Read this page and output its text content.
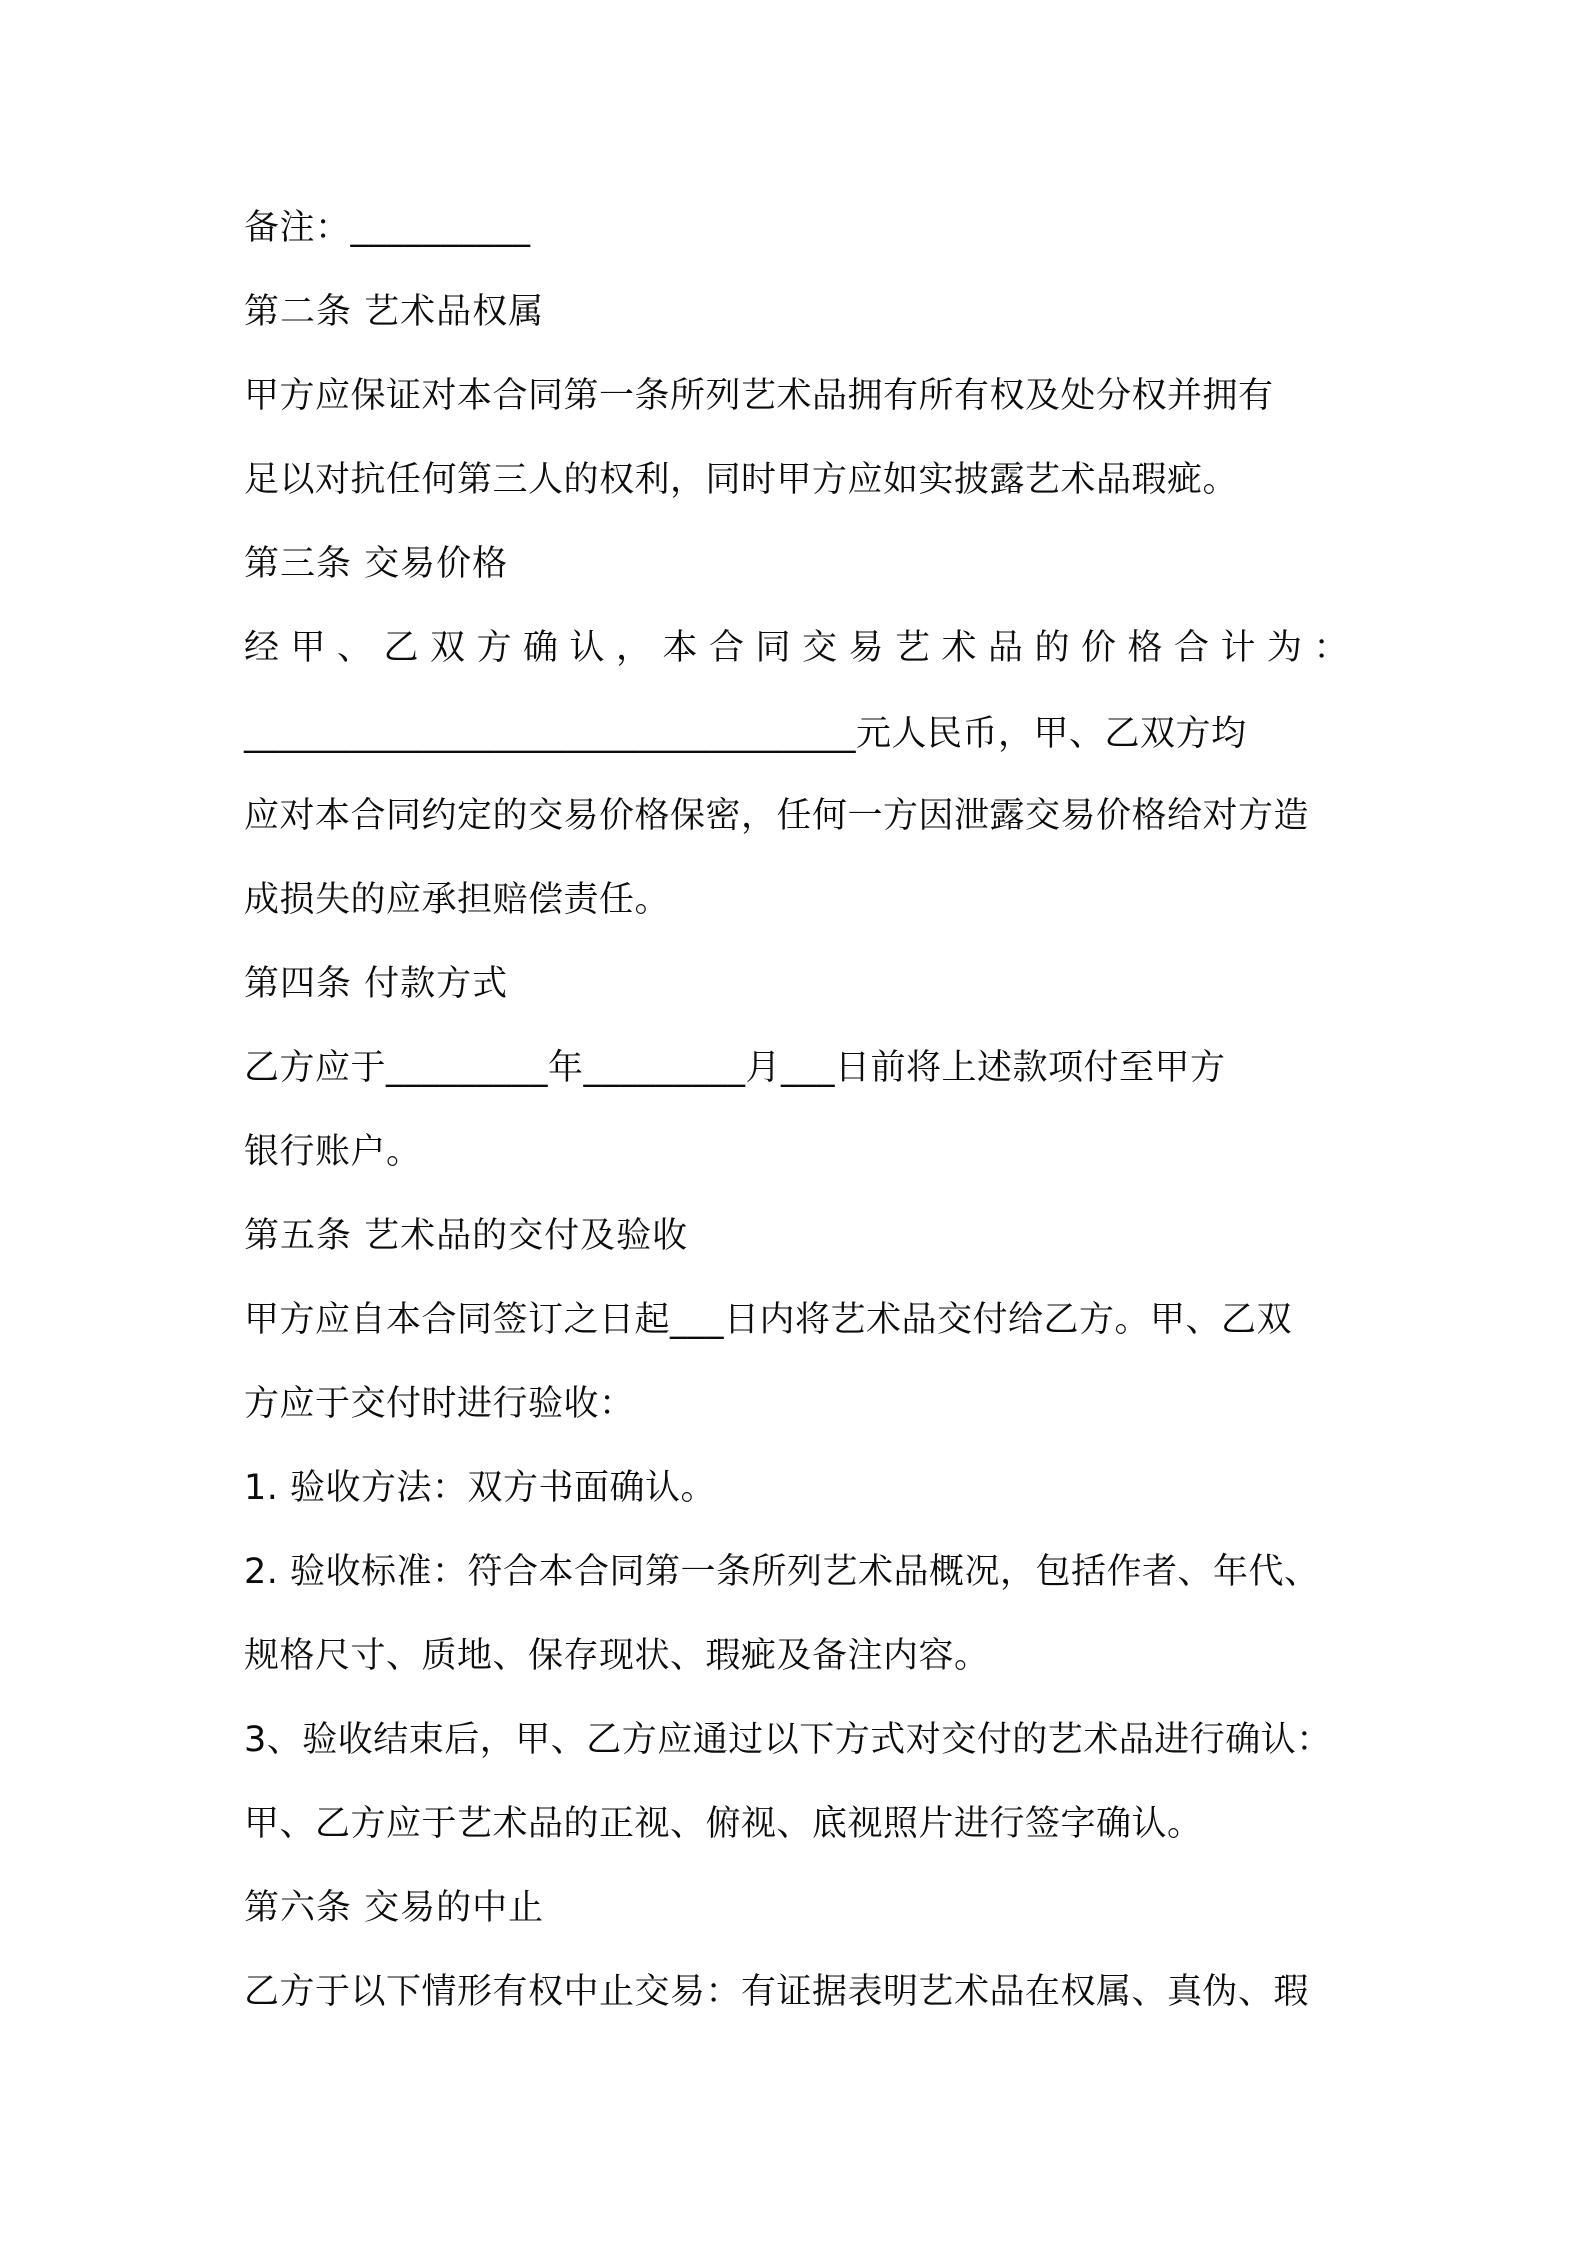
备注：__________

第二条 艺术品权属

甲方应保证对本合同第一条所列艺术品拥有所有权及处分权并拥有

足以对抗任何第三人的权利，同时甲方应如实披露艺术品瑕疵。

第三条 交易价格

经甲、乙双方确认，本合同交易艺术品的价格合计为：

__________________________________元人民币，甲、乙双方均

应对本合同约定的交易价格保密，任何一方因泄露交易价格给对方造

成损失的应承担赔偿责任。

第四条 付款方式

乙方应于_________年_________月___日前将上述款项付至甲方

银行账户。

第五条 艺术品的交付及验收

甲方应自本合同签订之日起___日内将艺术品交付给乙方。甲、乙双

方应于交付时进行验收：

1. 验收方法：双方书面确认。

2. 验收标准：符合本合同第一条所列艺术品概况，包括作者、年代、

规格尺寸、质地、保存现状、瑕疵及备注内容。

3、验收结束后，甲、乙方应通过以下方式对交付的艺术品进行确认：

甲、乙方应于艺术品的正视、俯视、底视照片进行签字确认。

第六条 交易的中止

乙方于以下情形有权中止交易：有证据表明艺术品在权属、真伪、瑕
